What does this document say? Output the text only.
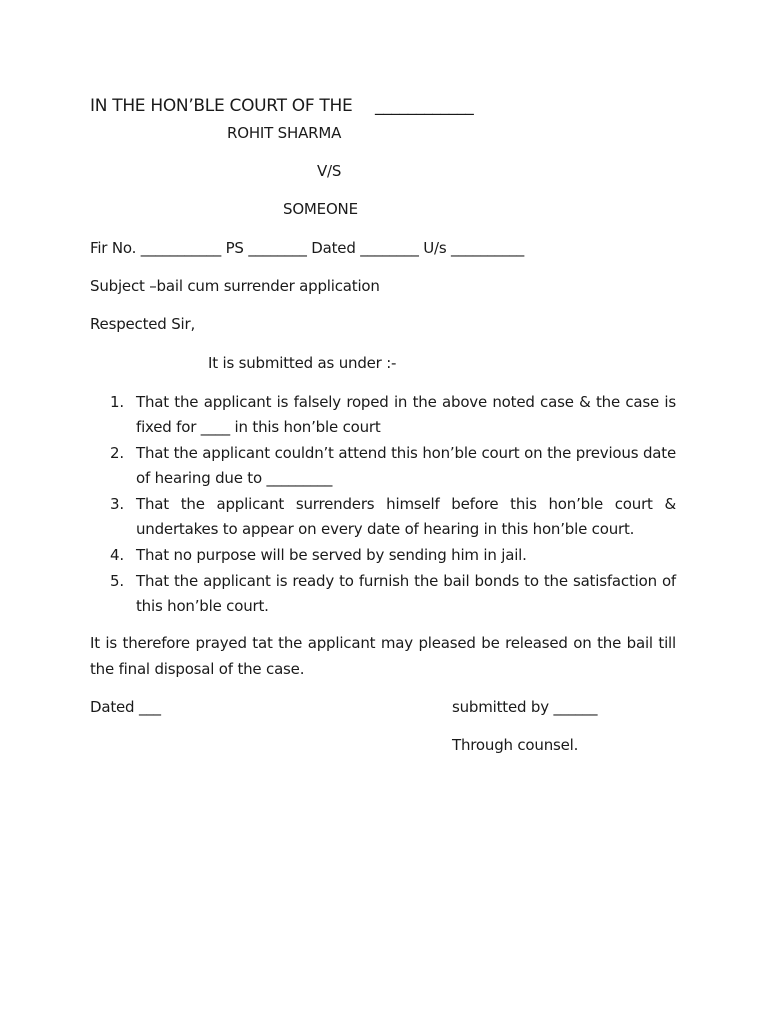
IN THE HON’BLE COURT OF THE ____________
ROHIT SHARMA
V/S
SOMEONE
Fir No. ___________ PS ________ Dated ________ U/s __________
Subject –bail cum surrender application
Respected Sir,
It is submitted as under :-
1. That the applicant is falsely roped in the above noted case & the case is fixed for ____ in this hon’ble court
2. That the applicant couldn’t attend this hon’ble court on the previous date of hearing due to _________
3. That the applicant surrenders himself before this hon’ble court & undertakes to appear on every date of hearing in this hon’ble court.
4. That no purpose will be served by sending him in jail.
5. That the applicant is ready to furnish the bail bonds to the satisfaction of this hon’ble court.
It is therefore prayed tat the applicant may pleased be released on the bail till the final disposal of the case.
Dated ___	submitted by ______
Through counsel.
